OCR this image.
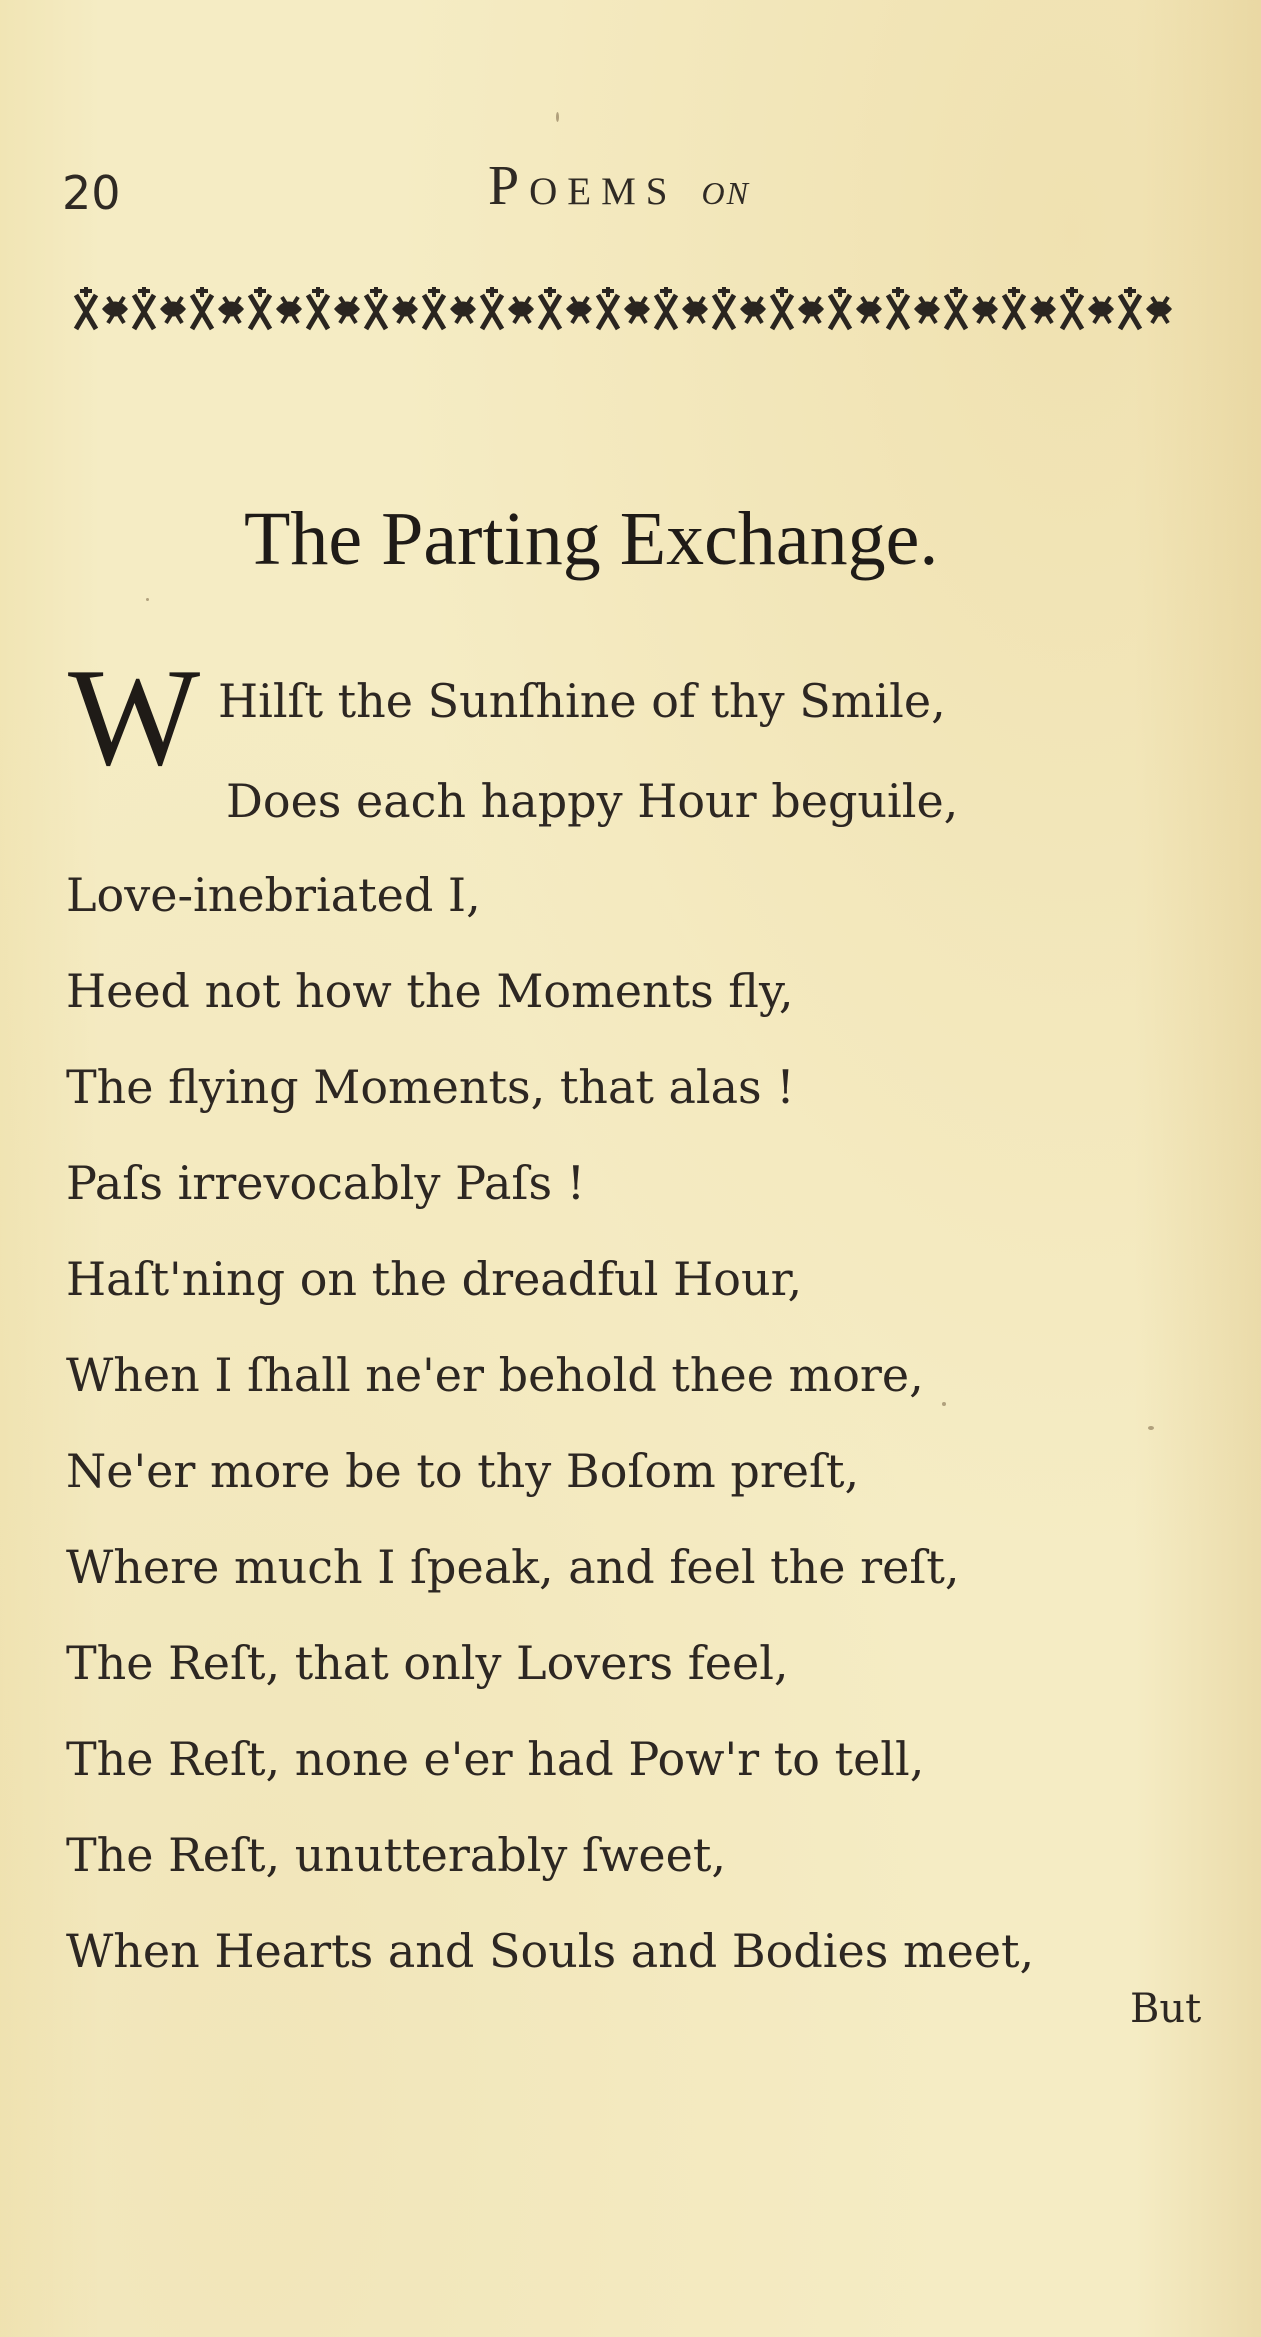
20	Poems on
The Parting Exchange.
W Hilſt the Sunſhine of thy Smile,
Does each happy Hour beguile,
Love-inebriated I,
Heed not how the Moments fly,
The flying Moments, that alas !
Paſs irrevocably Paſs !
Haſt'ning on the dreadful Hour,
When I ſhall ne'er behold thee more,
Ne'er more be to thy Boſom preſt,
Where much I ſpeak, and feel the reſt,
The Reſt, that only Lovers feel,
The Reſt, none e'er had Pow'r to tell,
The Reſt, unutterably ſweet,
When Hearts and Souls and Bodies meet,
But
